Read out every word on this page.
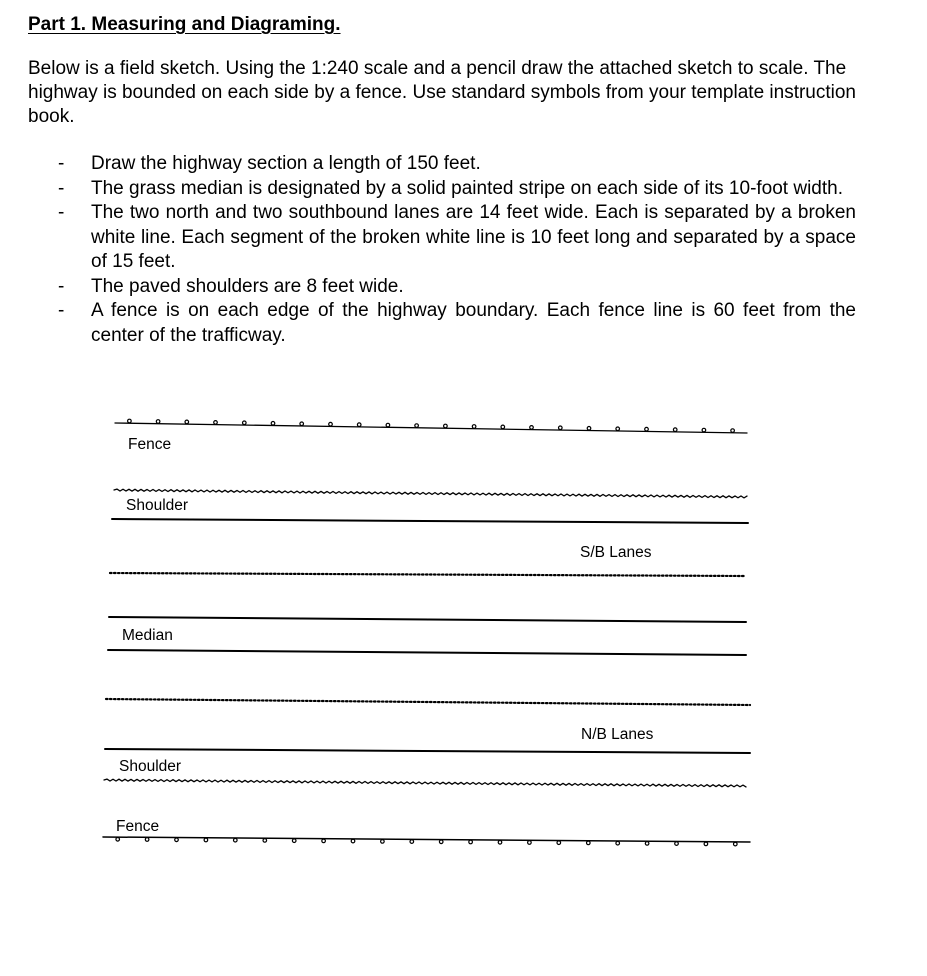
Part 1. Measuring and Diagraming.

Below is a field sketch. Using the 1:240 scale and a pencil draw the attached sketch to scale. The highway is bounded on each side by a fence. Use standard symbols from your template instruction book.

- Draw the highway section a length of 150 feet.
- The grass median is designated by a solid painted stripe on each side of its 10-foot width.
- The two north and two southbound lanes are 14 feet wide. Each is separated by a broken white line. Each segment of the broken white line is 10 feet long and separated by a space of 15 feet.
- The paved shoulders are 8 feet wide.
- A fence is on each edge of the highway boundary. Each fence line is 60 feet from the center of the trafficway.
Fence
Shoulder
S/B Lanes
Median
N/B Lanes
Shoulder
Fence
